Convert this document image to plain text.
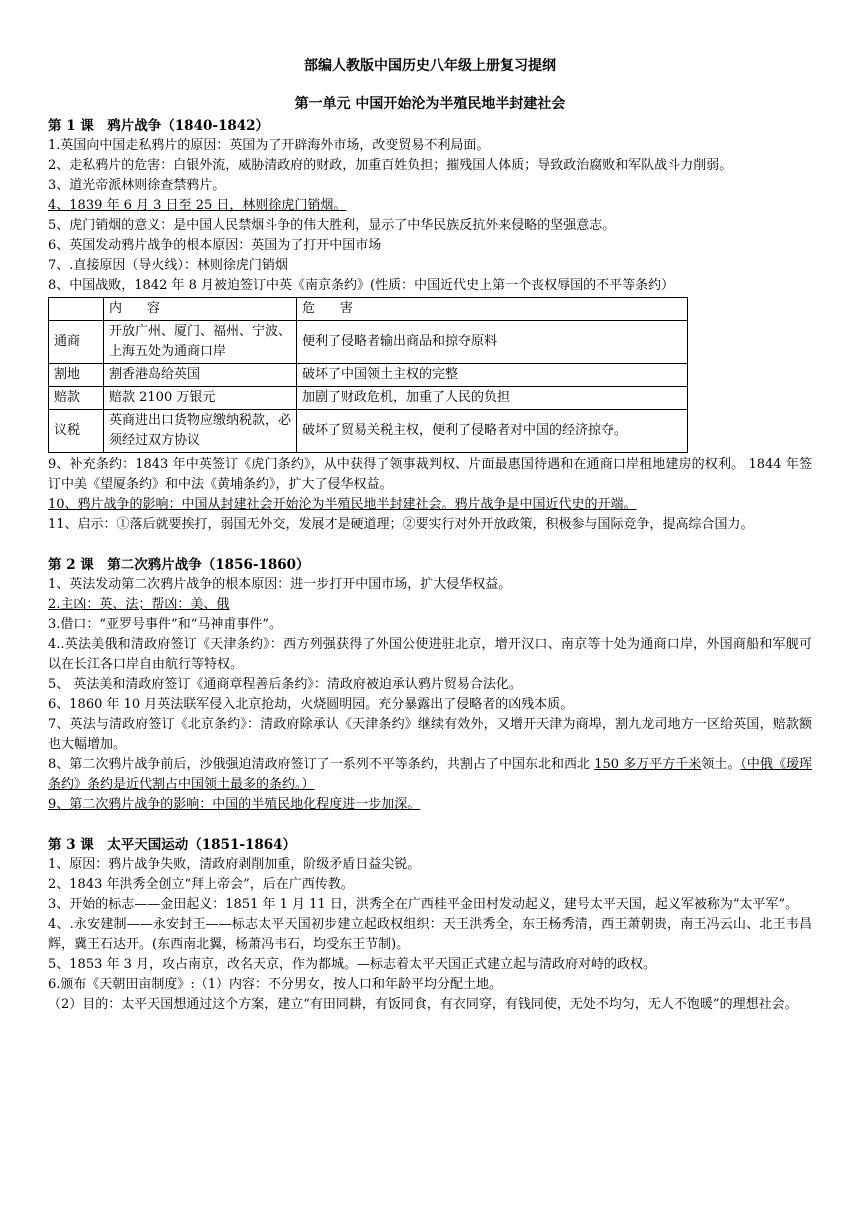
部编人教版中国历史八年级上册复习提纲
第一单元 中国开始沦为半殖民地半封建社会
第 1 课　鸦片战争（1840-1842）

1.英国向中国走私鸦片的原因：英国为了开辟海外市场，改变贸易不利局面。

2、走私鸦片的危害：白银外流，威胁清政府的财政，加重百姓负担；摧残国人体质；导致政治腐败和军队战斗力削弱。

3、道光帝派林则徐查禁鸦片。

4、1839 年 6 月 3 日至 25 日，林则徐虎门销烟。

5、虎门销烟的意义：是中国人民禁烟斗争的伟大胜利，显示了中华民族反抗外来侵略的坚强意志。

6、英国发动鸦片战争的根本原因：英国为了打开中国市场

7、.直接原因（导火线）：林则徐虎门销烟

8、中国战败，1842 年 8 月被迫签订中英《南京条约》(性质：中国近代史上第一个丧权辱国的不平等条约）

	内　容	危　害
通商	开放广州、厦门、福州、宁波、上海五处为通商口岸	便利了侵略者输出商品和掠夺原料
割地	割香港岛给英国	破坏了中国领土主权的完整
赔款	赔款 2100 万银元	加剧了财政危机，加重了人民的负担
议税	英商进出口货物应缴纳税款，必须经过双方协议	破坏了贸易关税主权，便利了侵略者对中国的经济掠夺。

9、补充条约：1843 年中英签订《虎门条约》，从中获得了领事裁判权、片面最惠国待遇和在通商口岸租地建房的权利。 1844 年签订中美《望厦条约》和中法《黄埔条约》，扩大了侵华权益。

10、鸦片战争的影响：中国从封建社会开始沦为半殖民地半封建社会。鸦片战争是中国近代史的开端。

11、启示：①落后就要挨打，弱国无外交，发展才是硬道理；②要实行对外开放政策，积极参与国际竞争，提高综合国力。

第 2 课　第二次鸦片战争（1856-1860）

1、英法发动第二次鸦片战争的根本原因：进一步打开中国市场，扩大侵华权益。

2.主凶：英、法；帮凶：美、俄

3.借口：“亚罗号事件”和“马神甫事件”。

4..英法美俄和清政府签订《天津条约》：西方列强获得了外国公使进驻北京，增开汉口、南京等十处为通商口岸，外国商船和军舰可以在长江各口岸自由航行等特权。

5、 英法美和清政府签订《通商章程善后条约》：清政府被迫承认鸦片贸易合法化。

6、1860 年 10 月英法联军侵入北京抢劫，火烧圆明园。充分暴露出了侵略者的凶残本质。

7、英法与清政府签订《北京条约》：清政府除承认《天津条约》继续有效外，又增开天津为商埠，割九龙司地方一区给英国，赔款额也大幅增加。

8、第二次鸦片战争前后，沙俄强迫清政府签订了一系列不平等条约，共割占了中国东北和西北 150 多万平方千米领土。（中俄《瑷珲条约》条约是近代割占中国领土最多的条约。）

9、第二次鸦片战争的影响：中国的半殖民地化程度进一步加深。

第 3 课　太平天国运动（1851-1864）

1、原因：鸦片战争失败，清政府剥削加重，阶级矛盾日益尖锐。

2、1843 年洪秀全创立“拜上帝会”，后在广西传教。

3、开始的标志——金田起义：1851 年 1 月 11 日，洪秀全在广西桂平金田村发动起义，建号太平天国，起义军被称为“太平军”。

4、.永安建制——永安封王——标志太平天国初步建立起政权组织：天王洪秀全，东王杨秀清，西王萧朝贵，南王冯云山、北王韦昌辉，冀王石达开。(东西南北翼，杨萧冯韦石，均受东王节制)。

5、1853 年 3 月，攻占南京，改名天京，作为都城。—标志着太平天国正式建立起与清政府对峙的政权。

6.颁布《天朝田亩制度》:（1）内容：不分男女，按人口和年龄平均分配土地。

（2）目的：太平天国想通过这个方案，建立“有田同耕，有饭同食，有衣同穿，有钱同使，无处不均匀，无人不饱暖”的理想社会。
